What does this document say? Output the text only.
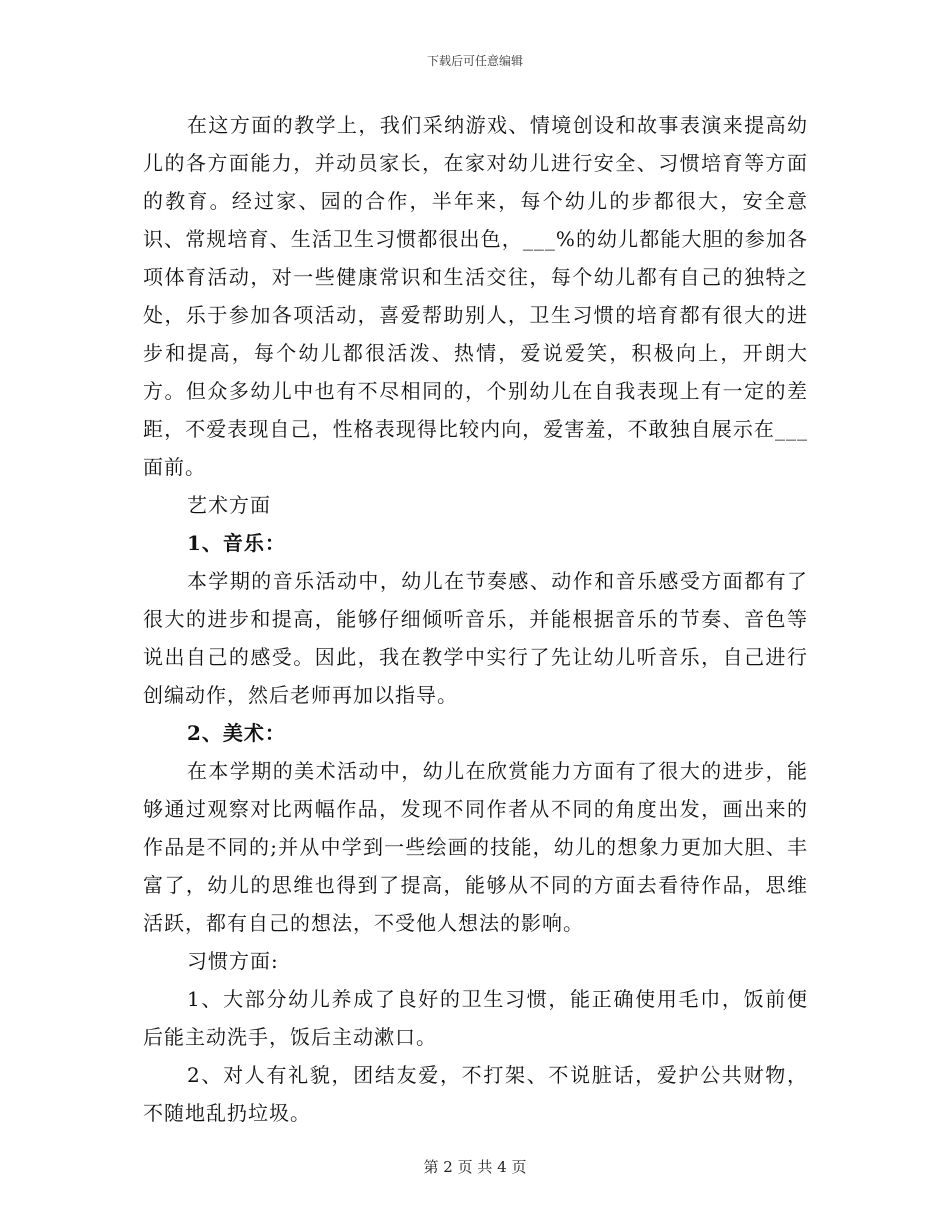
下载后可任意编辑

在这方面的教学上，我们采纳游戏、情境创设和故事表演来提高幼儿的各方面能力，并动员家长，在家对幼儿进行安全、习惯培育等方面的教育。经过家、园的合作，半年来，每个幼儿的步都很大，安全意识、常规培育、生活卫生习惯都很出色，___%的幼儿都能大胆的参加各项体育活动，对一些健康常识和生活交往，每个幼儿都有自己的独特之处，乐于参加各项活动，喜爱帮助别人，卫生习惯的培育都有很大的进步和提高，每个幼儿都很活泼、热情，爱说爱笑，积极向上，开朗大方。但众多幼儿中也有不尽相同的，个别幼儿在自我表现上有一定的差距，不爱表现自己，性格表现得比较内向，爱害羞，不敢独自展示在___面前。

艺术方面

1、音乐：

本学期的音乐活动中，幼儿在节奏感、动作和音乐感受方面都有了很大的进步和提高，能够仔细倾听音乐，并能根据音乐的节奏、音色等说出自己的感受。因此，我在教学中实行了先让幼儿听音乐，自己进行创编动作，然后老师再加以指导。

2、美术：

在本学期的美术活动中，幼儿在欣赏能力方面有了很大的进步，能够通过观察对比两幅作品，发现不同作者从不同的角度出发，画出来的作品是不同的;并从中学到一些绘画的技能，幼儿的想象力更加大胆、丰富了，幼儿的思维也得到了提高，能够从不同的方面去看待作品，思维活跃，都有自己的想法，不受他人想法的影响。

习惯方面:

1、大部分幼儿养成了良好的卫生习惯，能正确使用毛巾，饭前便后能主动洗手，饭后主动漱口。

2、对人有礼貌，团结友爱，不打架、不说脏话，爱护公共财物，不随地乱扔垃圾。

第 2 页 共 4 页
